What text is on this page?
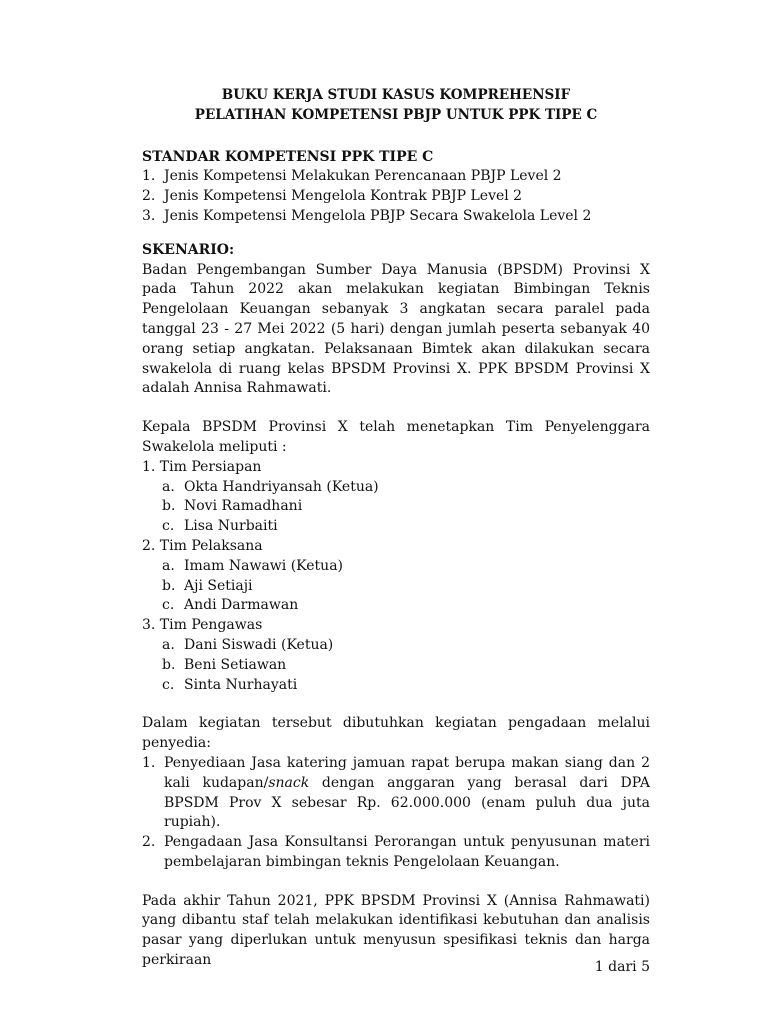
BUKU KERJA STUDI KASUS KOMPREHENSIF

PELATIHAN KOMPETENSI PBJP UNTUK PPK TIPE C

STANDAR KOMPETENSI PPK TIPE C

1. Jenis Kompetensi Melakukan Perencanaan PBJP Level 2
2. Jenis Kompetensi Mengelola Kontrak PBJP Level 2
3. Jenis Kompetensi Mengelola PBJP Secara Swakelola Level 2

SKENARIO:

Badan Pengembangan Sumber Daya Manusia (BPSDM) Provinsi X pada Tahun 2022 akan melakukan kegiatan Bimbingan Teknis Pengelolaan Keuangan sebanyak 3 angkatan secara paralel pada tanggal 23 - 27 Mei 2022 (5 hari) dengan jumlah peserta sebanyak 40 orang setiap angkatan. Pelaksanaan Bimtek akan dilakukan secara swakelola di ruang kelas BPSDM Provinsi X. PPK BPSDM Provinsi X adalah Annisa Rahmawati.

Kepala BPSDM Provinsi X telah menetapkan Tim Penyelenggara Swakelola meliputi :

1. Tim Persiapan

a. Okta Handriyansah (Ketua)
b. Novi Ramadhani
c. Lisa Nurbaiti

2. Tim Pelaksana

a. Imam Nawawi (Ketua)
b. Aji Setiaji
c. Andi Darmawan

3. Tim Pengawas

a. Dani Siswadi (Ketua)
b. Beni Setiawan
c. Sinta Nurhayati

Dalam kegiatan tersebut dibutuhkan kegiatan pengadaan melalui penyedia:

1. Penyediaan Jasa katering jamuan rapat berupa makan siang dan 2 kali kudapan/snack dengan anggaran yang berasal dari DPA BPSDM Prov X sebesar Rp. 62.000.000 (enam puluh dua juta rupiah).
2. Pengadaan Jasa Konsultansi Perorangan untuk penyusunan materi pembelajaran bimbingan teknis Pengelolaan Keuangan.

Pada akhir Tahun 2021, PPK BPSDM Provinsi X (Annisa Rahmawati) yang dibantu staf telah melakukan identifikasi kebutuhan dan analisis pasar yang diperlukan untuk menyusun spesifikasi teknis dan harga perkiraan	1 dari 5
